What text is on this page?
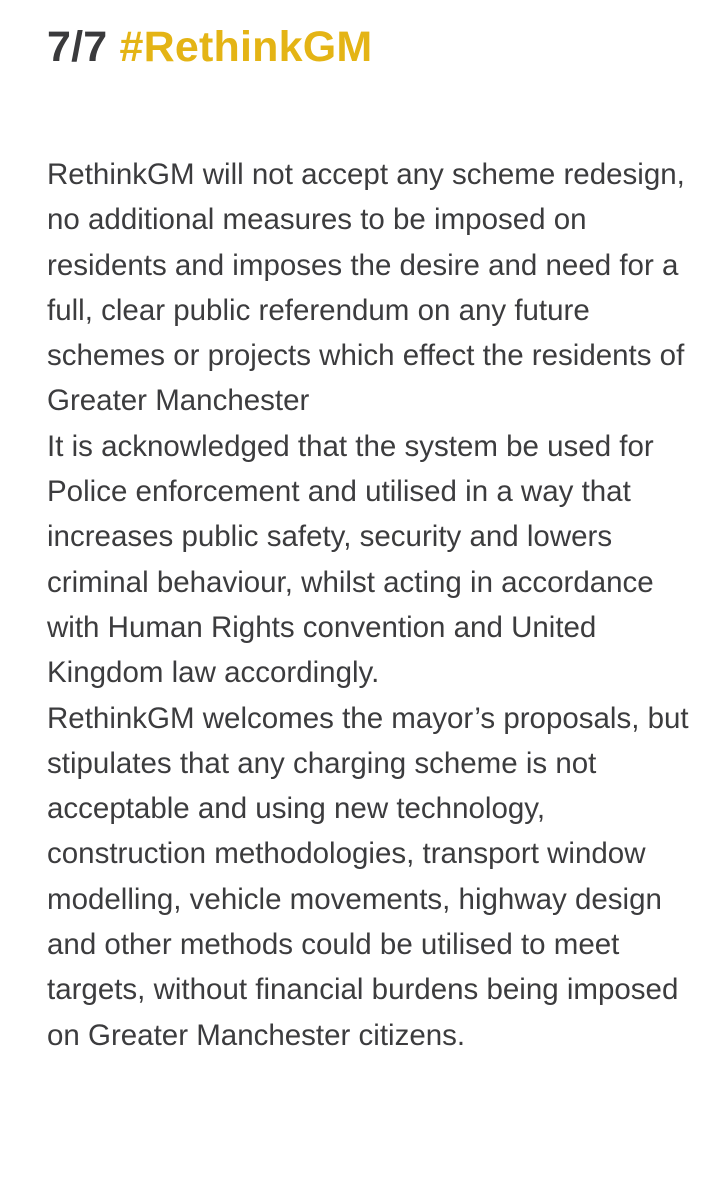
7/7 #RethinkGM

RethinkGM will not accept any scheme redesign, no additional measures to be imposed on residents and imposes the desire and need for a full, clear public referendum on any future schemes or projects which effect the residents of Greater Manchester

It is acknowledged that the system be used for Police enforcement and utilised in a way that increases public safety, security and lowers criminal behaviour, whilst acting in accordance with Human Rights convention and United Kingdom law accordingly.

RethinkGM welcomes the mayor’s proposals, but stipulates that any charging scheme is not acceptable and using new technology, construction methodologies, transport window modelling, vehicle movements, highway design and other methods could be utilised to meet targets, without financial burdens being imposed on Greater Manchester citizens.
